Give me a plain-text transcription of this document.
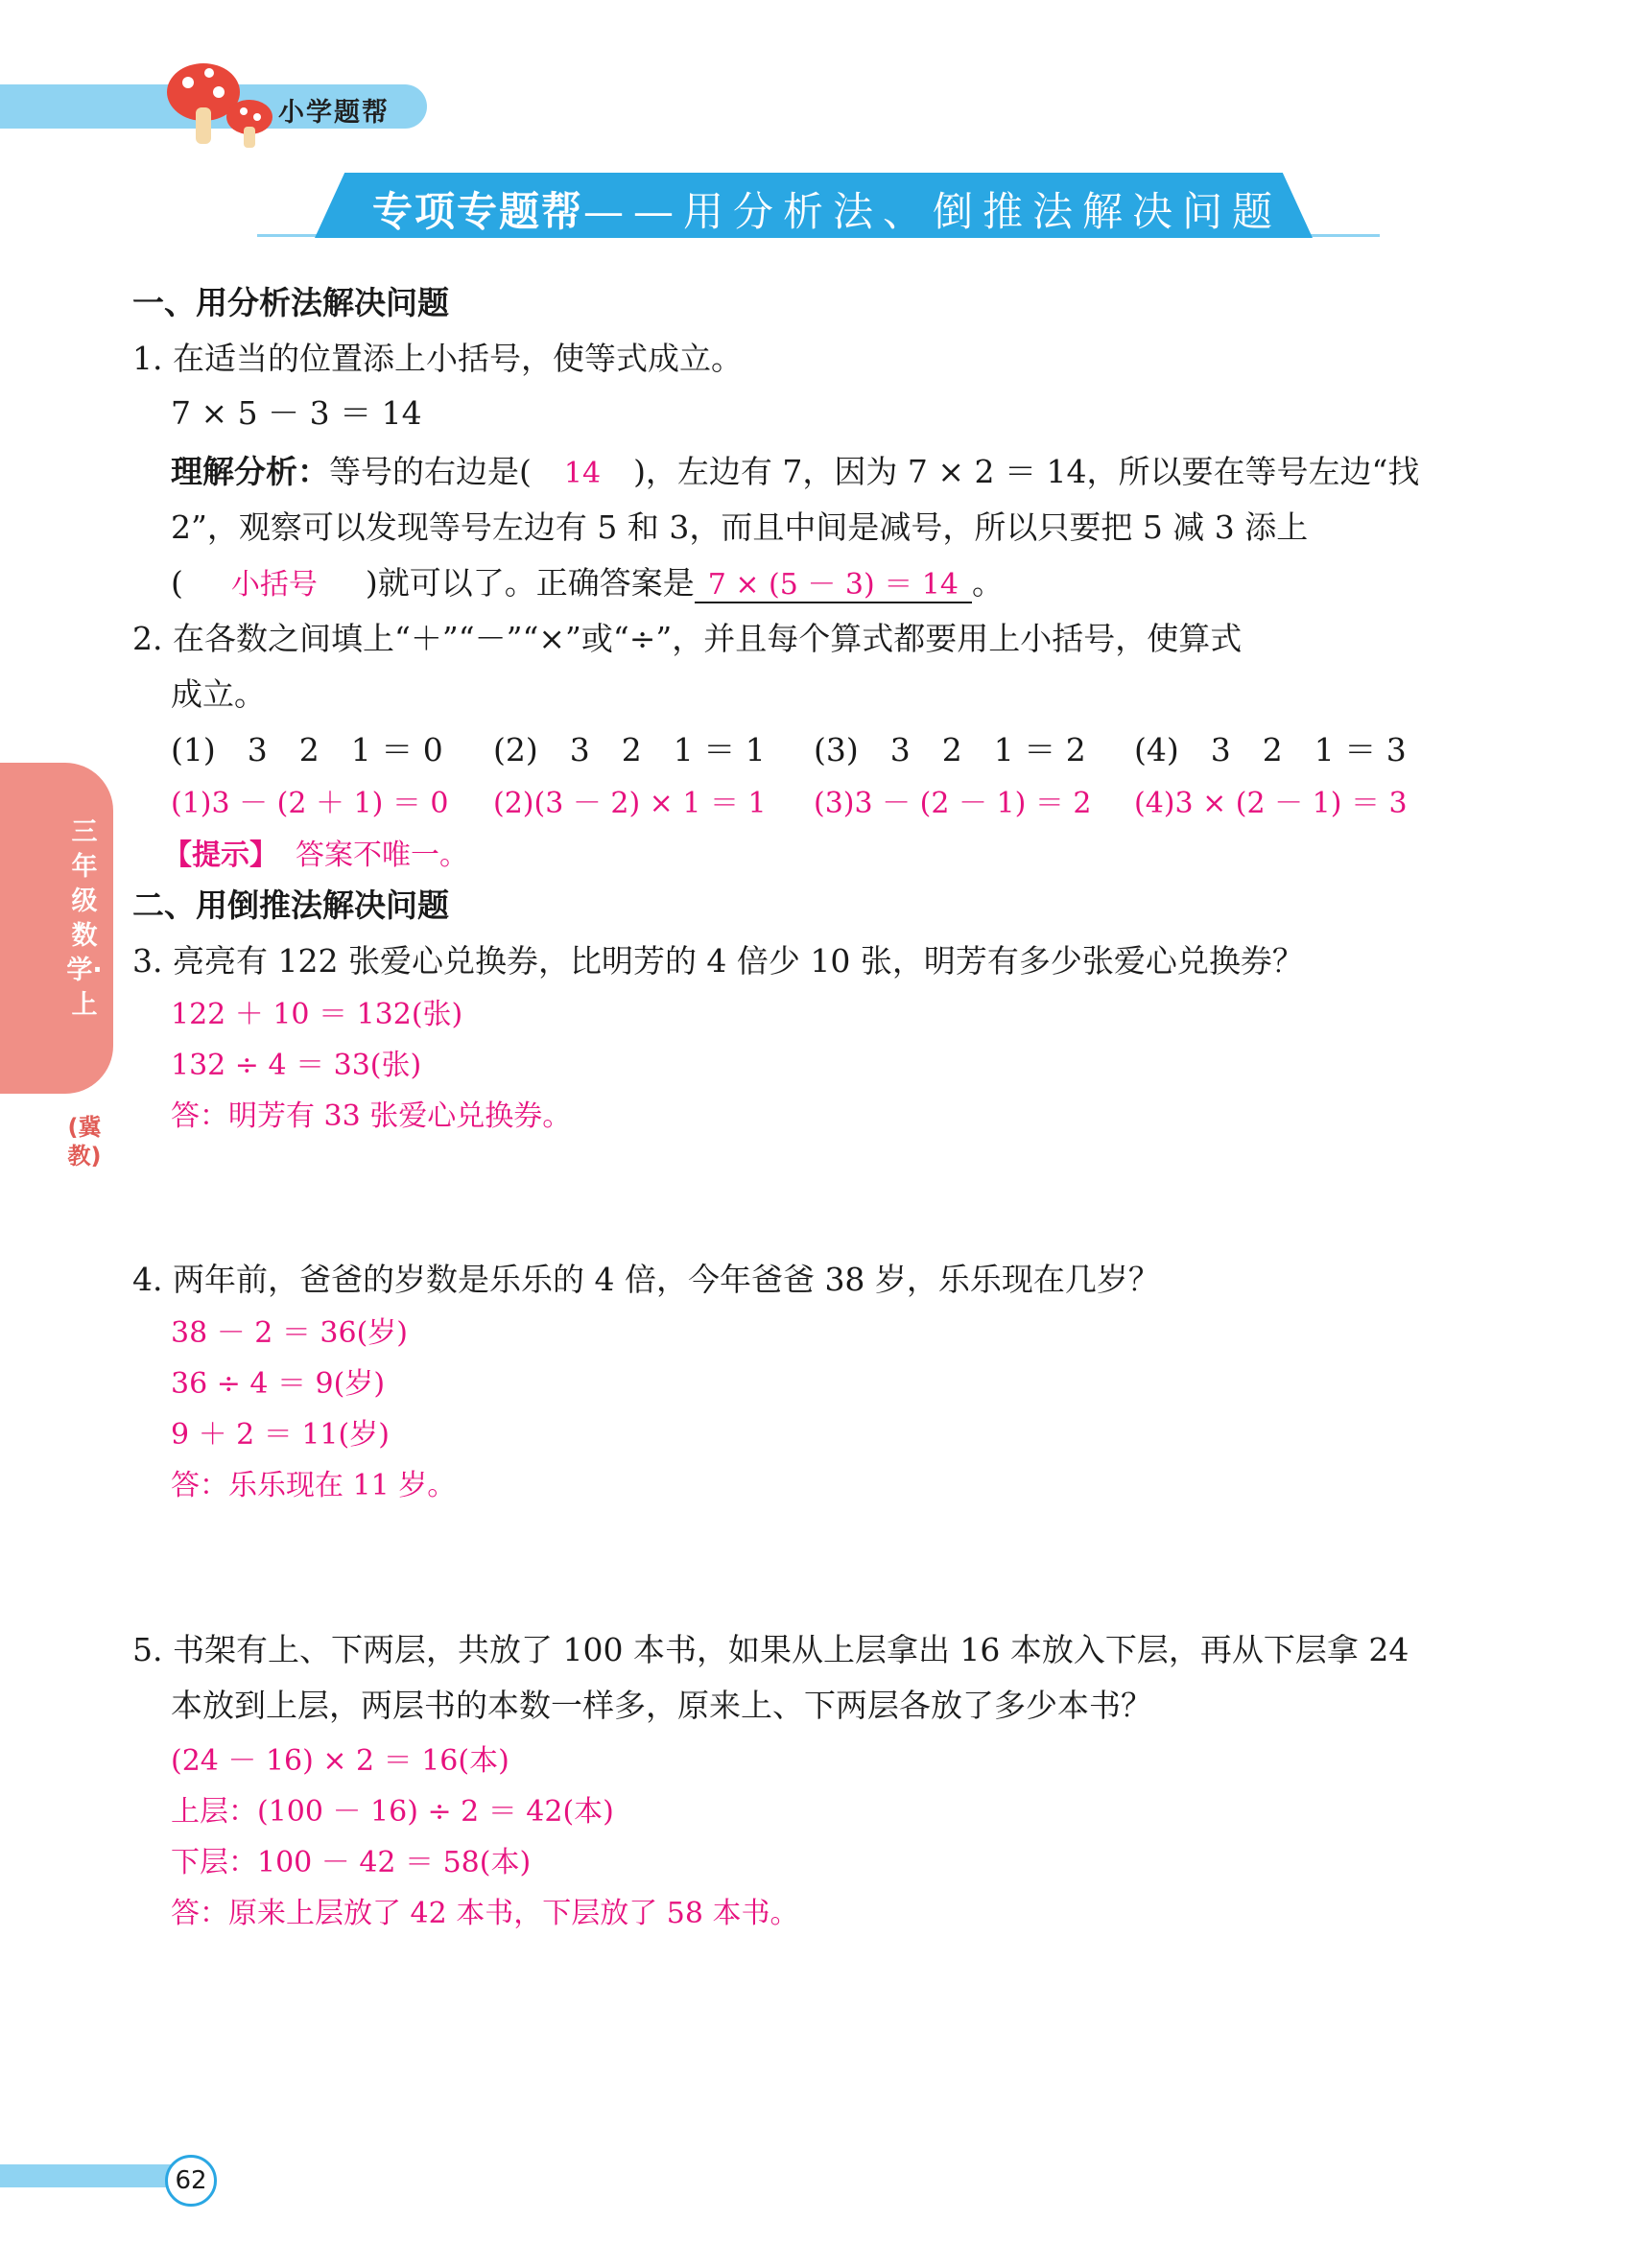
小学题帮
专项专题帮——用分析法、倒推法解决问题
三年级数学·上
(冀教)
一、用分析法解决问题
1. 在适当的位置添上小括号，使等式成立。
7 × 5 － 3 ＝ 14
理解分析：等号的右边是( 14 )，左边有 7，因为 7 × 2 ＝ 14，所以要在等号左边“找
2”，观察可以发现等号左边有 5 和 3，而且中间是减号，所以只要把 5 减 3 添上
( 小括号 )就可以了。正确答案是 7 × (5 － 3) ＝ 14 。
2. 在各数之间填上“＋”“－”“×”或“÷”，并且每个算式都要用上小括号，使算式
成立。
(1)　3　2　1 ＝ 0 (2)　3　2　1 ＝ 1 (3)　3　2　1 ＝ 2 (4)　3　2　1 ＝ 3
(1)3 － (2 ＋ 1) ＝ 0 (2)(3 － 2) × 1 ＝ 1 (3)3 － (2 － 1) ＝ 2 (4)3 × (2 － 1) ＝ 3
【提示】 答案不唯一。
二、用倒推法解决问题
3. 亮亮有 122 张爱心兑换券，比明芳的 4 倍少 10 张，明芳有多少张爱心兑换券？
122 ＋ 10 ＝ 132(张)
132 ÷ 4 ＝ 33(张)
答：明芳有 33 张爱心兑换券。
4. 两年前，爸爸的岁数是乐乐的 4 倍，今年爸爸 38 岁，乐乐现在几岁？
38 － 2 ＝ 36(岁)
36 ÷ 4 ＝ 9(岁)
9 ＋ 2 ＝ 11(岁)
答：乐乐现在 11 岁。
5. 书架有上、下两层，共放了 100 本书，如果从上层拿出 16 本放入下层，再从下层拿 24
本放到上层，两层书的本数一样多，原来上、下两层各放了多少本书？
(24 － 16) × 2 ＝ 16(本)
上层：(100 － 16) ÷ 2 ＝ 42(本)
下层：100 － 42 ＝ 58(本)
答：原来上层放了 42 本书，下层放了 58 本书。
62
